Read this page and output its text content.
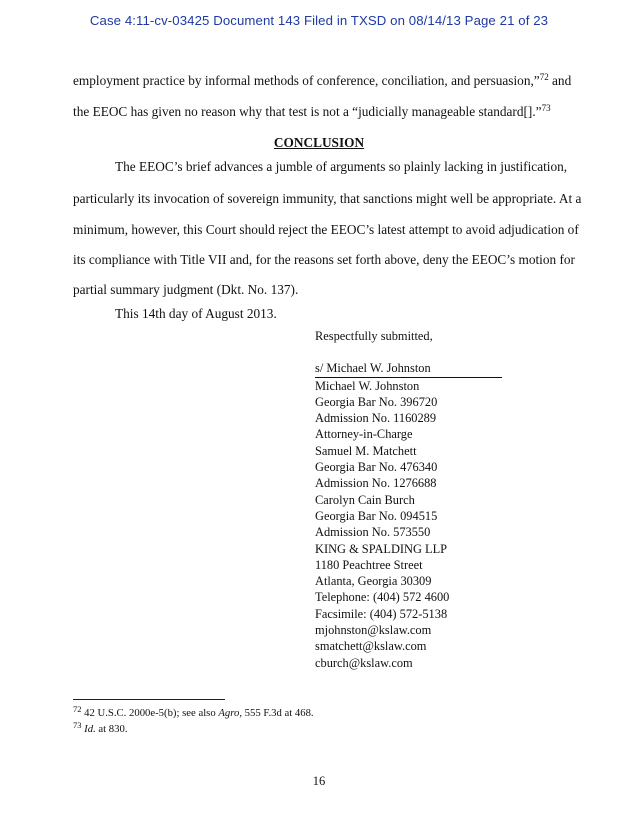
Case 4:11-cv-03425 Document 143 Filed in TXSD on 08/14/13 Page 21 of 23
employment practice by informal methods of conference, conciliation, and persuasion,”$^{72}$ and
the EEOC has given no reason why that test is not a “judicially manageable standard[].”$^{73}$
CONCLUSION
The EEOC’s brief advances a jumble of arguments so plainly lacking in justification,
particularly its invocation of sovereign immunity, that sanctions might well be appropriate. At a
minimum, however, this Court should reject the EEOC’s latest attempt to avoid adjudication of
its compliance with Title VII and, for the reasons set forth above, deny the EEOC’s motion for
partial summary judgment (Dkt. No. 137).
This 14th day of August 2013.
Respectfully submitted,
s/ Michael W. Johnston
Michael W. Johnston
Georgia Bar No. 396720
Admission No. 1160289
Attorney-in-Charge
Samuel M. Matchett
Georgia Bar No. 476340
Admission No. 1276688
Carolyn Cain Burch
Georgia Bar No. 094515
Admission No. 573550
KING & SPALDING LLP
1180 Peachtree Street
Atlanta, Georgia 30309
Telephone: (404) 572 4600
Facsimile: (404) 572-5138
mjohnston@kslaw.com
smatchett@kslaw.com
cburch@kslaw.com
$^{72}$ 42 U.S.C. 2000e-5(b); see also Agro, 555 F.3d at 468.
$^{73}$ Id. at 830.
16
